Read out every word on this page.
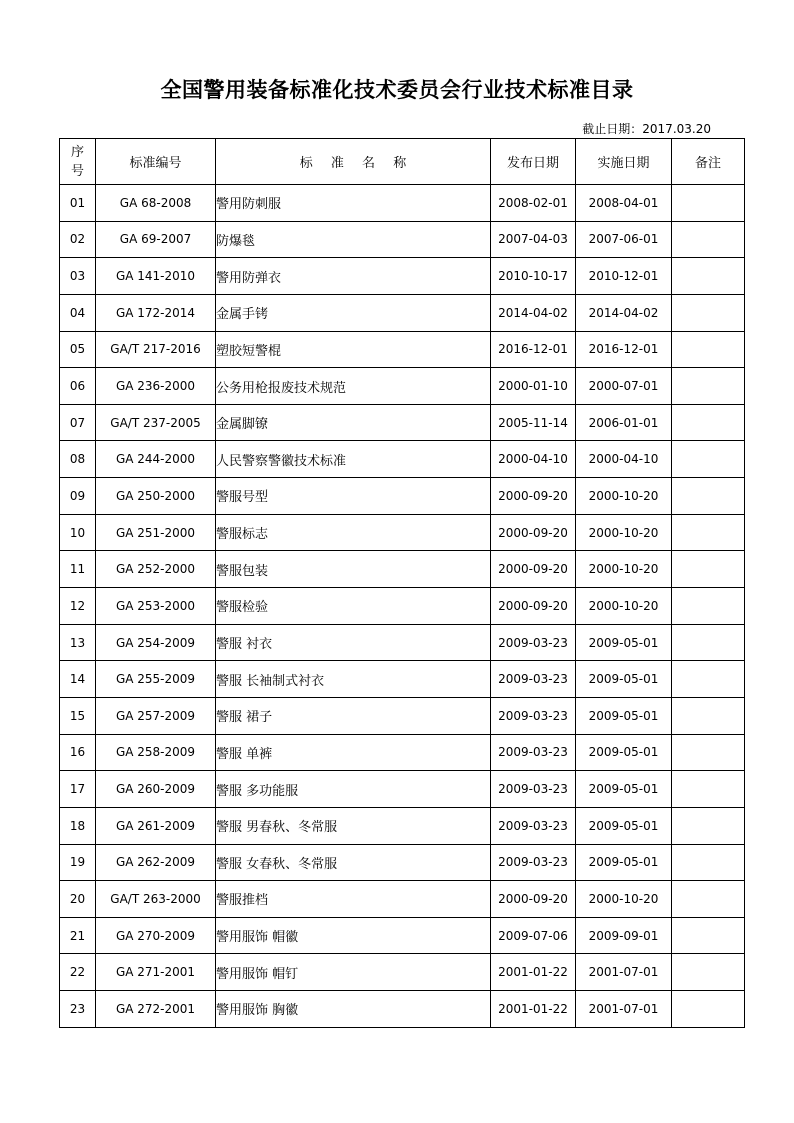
全国警用装备标准化技术委员会行业技术标准目录
截止日期：2017.03.20
序号	标准编号	标 准 名 称	发布日期	实施日期	备注
01	GA 68-2008	警用防刺服	2008-02-01	2008-04-01	
02	GA 69-2007	防爆毯	2007-04-03	2007-06-01	
03	GA 141-2010	警用防弹衣	2010-10-17	2010-12-01	
04	GA 172-2014	金属手铐	2014-04-02	2014-04-02	
05	GA/T 217-2016	塑胶短警棍	2016-12-01	2016-12-01	
06	GA 236-2000	公务用枪报废技术规范	2000-01-10	2000-07-01	
07	GA/T 237-2005	金属脚镣	2005-11-14	2006-01-01	
08	GA 244-2000	人民警察警徽技术标准	2000-04-10	2000-04-10	
09	GA 250-2000	警服号型	2000-09-20	2000-10-20	
10	GA 251-2000	警服标志	2000-09-20	2000-10-20	
11	GA 252-2000	警服包装	2000-09-20	2000-10-20	
12	GA 253-2000	警服检验	2000-09-20	2000-10-20	
13	GA 254-2009	警服 衬衣	2009-03-23	2009-05-01	
14	GA 255-2009	警服 长袖制式衬衣	2009-03-23	2009-05-01	
15	GA 257-2009	警服 裙子	2009-03-23	2009-05-01	
16	GA 258-2009	警服 单裤	2009-03-23	2009-05-01	
17	GA 260-2009	警服 多功能服	2009-03-23	2009-05-01	
18	GA 261-2009	警服 男春秋、冬常服	2009-03-23	2009-05-01	
19	GA 262-2009	警服 女春秋、冬常服	2009-03-23	2009-05-01	
20	GA/T 263-2000	警服推档	2000-09-20	2000-10-20	
21	GA 270-2009	警用服饰 帽徽	2009-07-06	2009-09-01	
22	GA 271-2001	警用服饰 帽钉	2001-01-22	2001-07-01	
23	GA 272-2001	警用服饰 胸徽	2001-01-22	2001-07-01	
